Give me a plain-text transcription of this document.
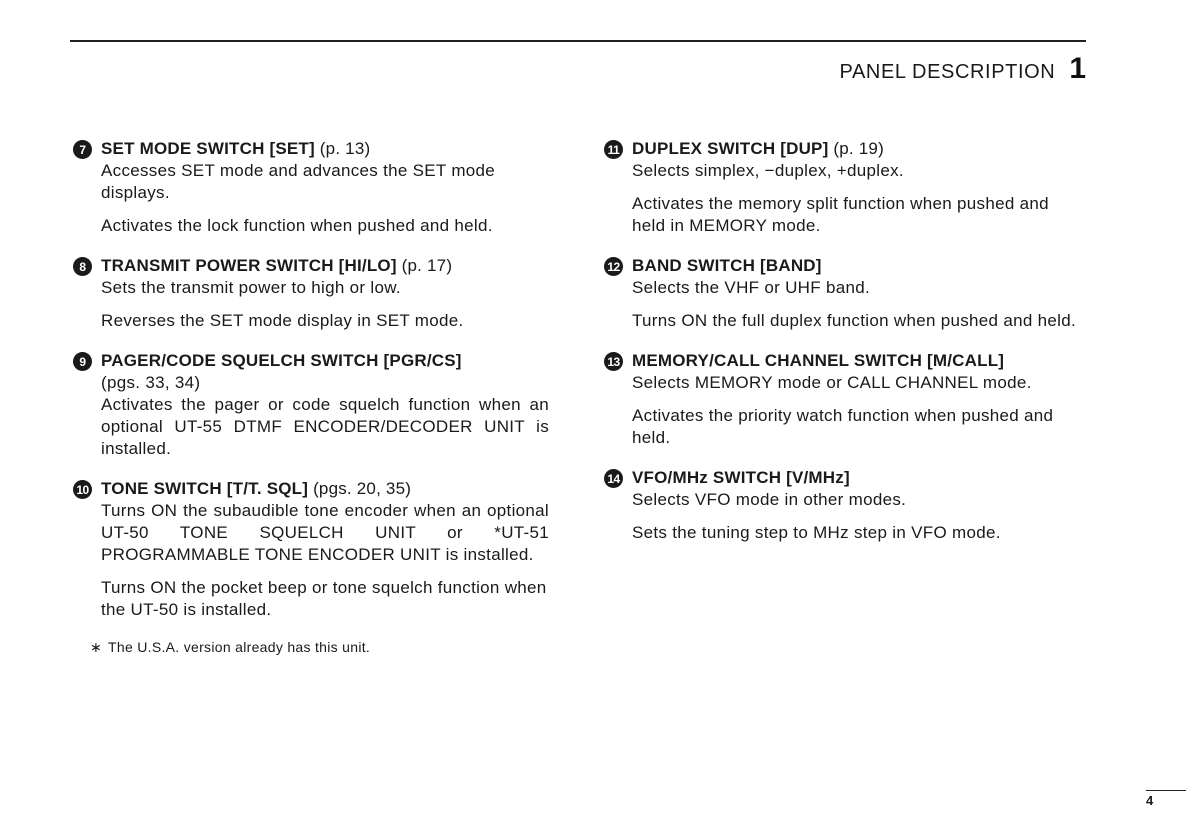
PANEL DESCRIPTION 1
7 SET MODE SWITCH [SET] (p. 13)

Accesses SET mode and advances the SET mode displays.

Activates the lock function when pushed and held.

8 TRANSMIT POWER SWITCH [HI/LO] (p. 17)

Sets the transmit power to high or low.

Reverses the SET mode display in SET mode.

9 PAGER/CODE SQUELCH SWITCH [PGR/CS]

(pgs. 33, 34)

Activates the pager or code squelch function when an optional UT-55 DTMF ENCODER/DECODER UNIT is installed.

10 TONE SWITCH [T/T. SQL] (pgs. 20, 35)

Turns ON the subaudible tone encoder when an optional UT-50 TONE SQUELCH UNIT or *UT-51 PROGRAMMABLE TONE ENCODER UNIT is installed.

Turns ON the pocket beep or tone squelch function when the UT-50 is installed.

∗ The U.S.A. version already has this unit.
11 DUPLEX SWITCH [DUP] (p. 19)

Selects simplex, −duplex, +duplex.

Activates the memory split function when pushed and held in MEMORY mode.

12 BAND SWITCH [BAND]

Selects the VHF or UHF band.

Turns ON the full duplex function when pushed and held.

13 MEMORY/CALL CHANNEL SWITCH [M/CALL]

Selects MEMORY mode or CALL CHANNEL mode.

Activates the priority watch function when pushed and held.

14 VFO/MHz SWITCH [V/MHz]

Selects VFO mode in other modes.

Sets the tuning step to MHz step in VFO mode.

4
